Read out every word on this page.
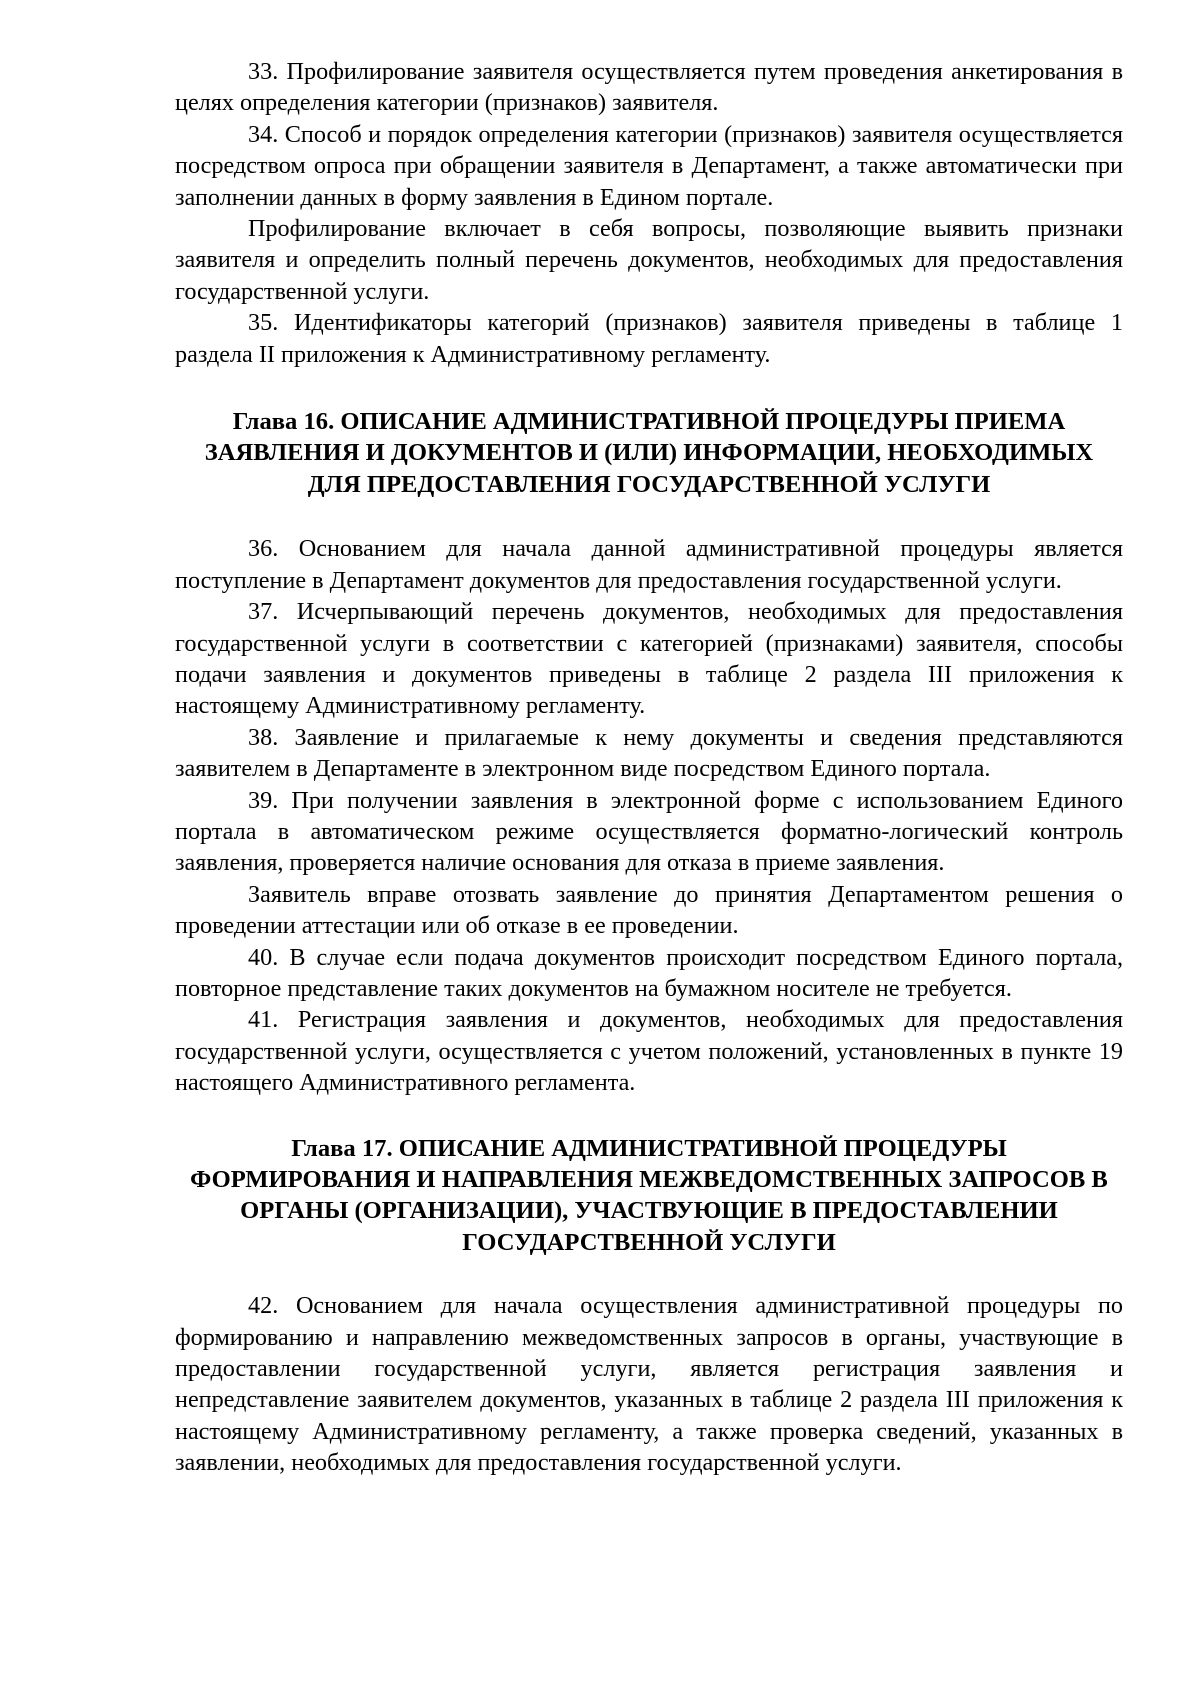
33. Профилирование заявителя осуществляется путем проведения анкетирования в целях определения категории (признаков) заявителя.

34. Способ и порядок определения категории (признаков) заявителя осуществляется посредством опроса при обращении заявителя в Департамент, а также автоматически при заполнении данных в форму заявления в Едином портале.

Профилирование включает в себя вопросы, позволяющие выявить признаки заявителя и определить полный перечень документов, необходимых для предоставления государственной услуги.

35. Идентификаторы категорий (признаков) заявителя приведены в таблице 1 раздела II приложения к Административному регламенту.

Глава 16. ОПИСАНИЕ АДМИНИСТРАТИВНОЙ ПРОЦЕДУРЫ ПРИЕМА ЗАЯВЛЕНИЯ И ДОКУМЕНТОВ И (ИЛИ) ИНФОРМАЦИИ, НЕОБХОДИМЫХ ДЛЯ ПРЕДОСТАВЛЕНИЯ ГОСУДАРСТВЕННОЙ УСЛУГИ

36. Основанием для начала данной административной процедуры является поступление в Департамент документов для предоставления государственной услуги.

37. Исчерпывающий перечень документов, необходимых для предоставления государственной услуги в соответствии с категорией (признаками) заявителя, способы подачи заявления и документов приведены в таблице 2 раздела III приложения к настоящему Административному регламенту.

38. Заявление и прилагаемые к нему документы и сведения представляются заявителем в Департаменте в электронном виде посредством Единого портала.

39. При получении заявления в электронной форме с использованием Единого портала в автоматическом режиме осуществляется форматно-логический контроль заявления, проверяется наличие основания для отказа в приеме заявления.

Заявитель вправе отозвать заявление до принятия Департаментом решения о проведении аттестации или об отказе в ее проведении.

40. В случае если подача документов происходит посредством Единого портала, повторное представление таких документов на бумажном носителе не требуется.

41. Регистрация заявления и документов, необходимых для предоставления государственной услуги, осуществляется с учетом положений, установленных в пункте 19 настоящего Административного регламента.

Глава 17. ОПИСАНИЕ АДМИНИСТРАТИВНОЙ ПРОЦЕДУРЫ ФОРМИРОВАНИЯ И НАПРАВЛЕНИЯ МЕЖВЕДОМСТВЕННЫХ ЗАПРОСОВ В ОРГАНЫ (ОРГАНИЗАЦИИ), УЧАСТВУЮЩИЕ В ПРЕДОСТАВЛЕНИИ ГОСУДАРСТВЕННОЙ УСЛУГИ

42. Основанием для начала осуществления административной процедуры по формированию и направлению межведомственных запросов в органы, участвующие в предоставлении государственной услуги, является регистрация заявления и непредставление заявителем документов, указанных в таблице 2 раздела III приложения к настоящему Административному регламенту, а также проверка сведений, указанных в заявлении, необходимых для предоставления государственной услуги.
